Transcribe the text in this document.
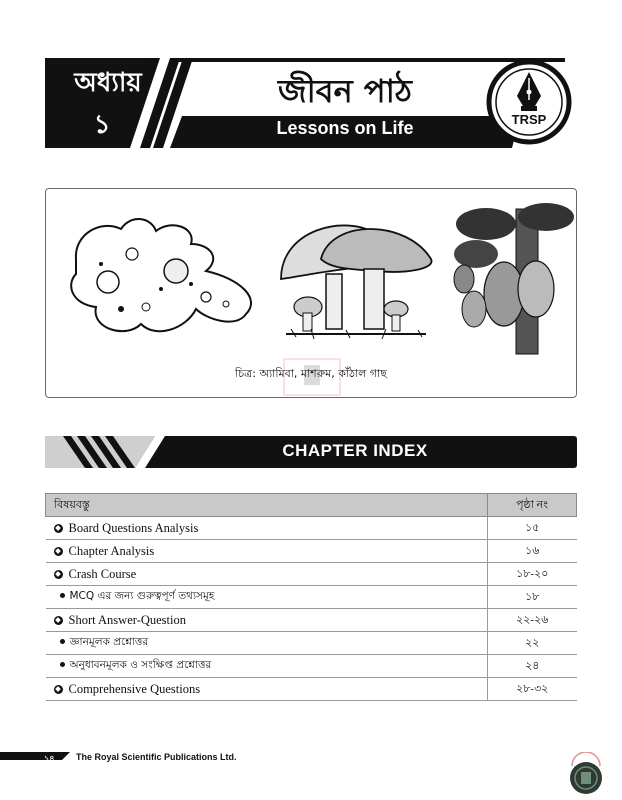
অধ্যায়
১
জীবন পাঠ
Lessons on Life	TRSP
চিত্র: অ্যামিবা, মাশরুম, কাঁঠাল গাছ
CHAPTER INDEX
বিষয়বস্তু	পৃষ্ঠা নং
Board Questions Analysis	১৫
Chapter Analysis	১৬
Crash Course	১৮-২০
MCQ এর জন্য গুরুত্বপূর্ণ তথ্যসমূহ	১৮
Short Answer-Question	২২-২৬
জ্ঞানমূলক প্রশ্নোত্তর	২২
অনুধাবনমূলক ও সংক্ষিপ্ত প্রশ্নোত্তর	২৪
Comprehensive Questions	২৮-৩২
১৪ The Royal Scientific Publications Ltd.
